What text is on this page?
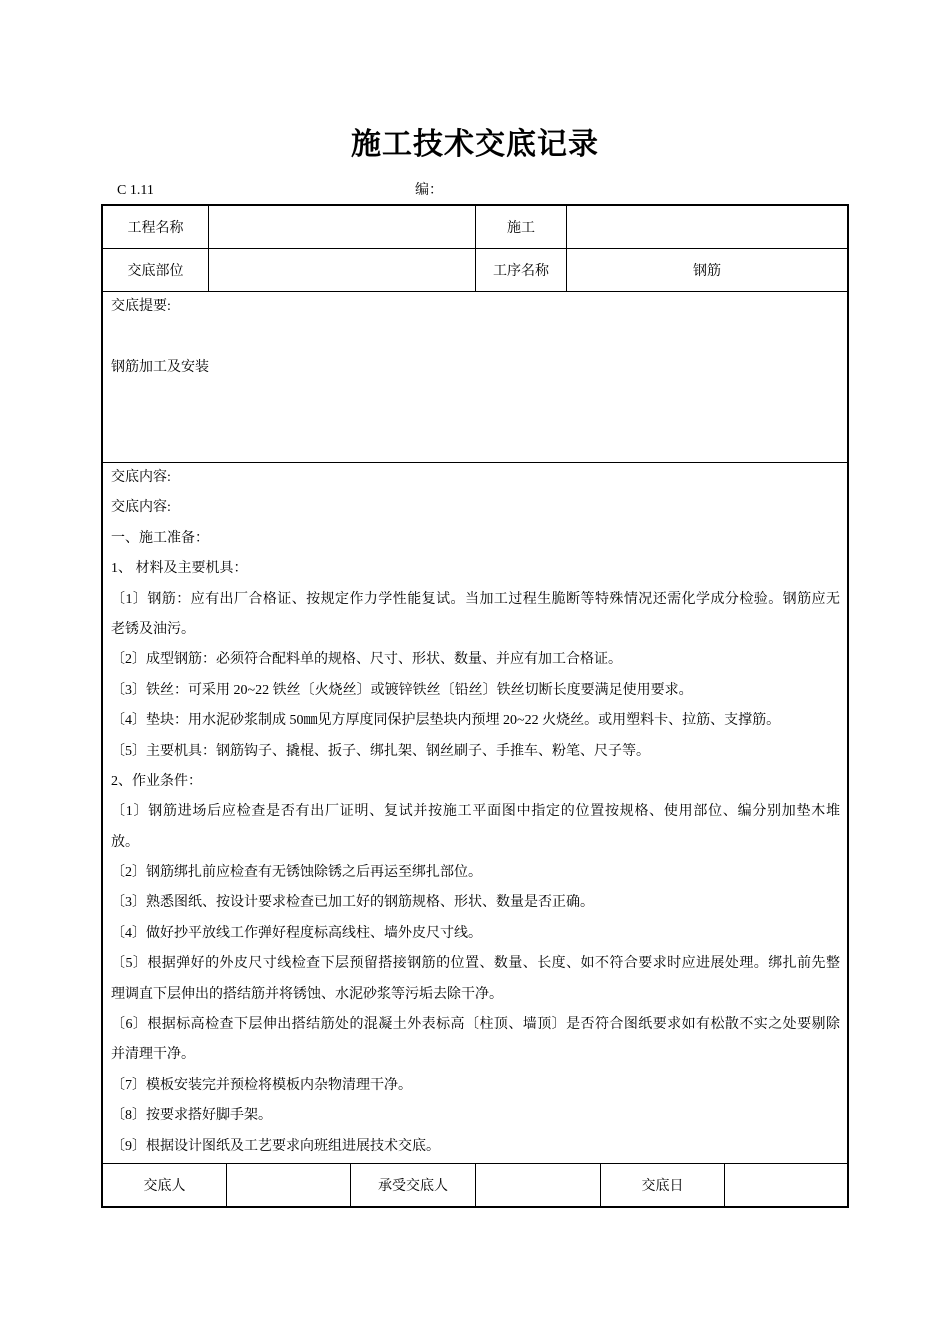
施工技术交底记录
C 1.11	编：
工程名称	施工
交底部位	工序名称	钢筋
交底提要:
钢筋加工及安装
交底内容:
交底内容:
一、施工准备：
1、 材料及主要机具：
〔1〕钢筋：应有出厂合格证、按规定作力学性能复试。当加工过程生脆断等特殊情况还需化学成分检验。钢筋应无
老锈及油污。
〔2〕成型钢筋：必须符合配料单的规格、尺寸、形状、数量、并应有加工合格证。
〔3〕铁丝：可采用 20~22 铁丝〔火烧丝〕或镀锌铁丝〔铅丝〕铁丝切断长度要满足使用要求。
〔4〕垫块：用水泥砂浆制成 50㎜见方厚度同保护层垫块内预埋 20~22 火烧丝。或用塑料卡、拉筋、支撑筋。
〔5〕主要机具：钢筋钩子、撬棍、扳子、绑扎架、钢丝刷子、手推车、粉笔、尺子等。
2、作业条件：
〔1〕钢筋进场后应检查是否有出厂证明、复试并按施工平面图中指定的位置按规格、使用部位、编分别加垫木堆
放。
〔2〕钢筋绑扎前应检查有无锈蚀除锈之后再运至绑扎部位。
〔3〕熟悉图纸、按设计要求检查已加工好的钢筋规格、形状、数量是否正确。
〔4〕做好抄平放线工作弹好程度标高线柱、墙外皮尺寸线。
〔5〕根据弹好的外皮尺寸线检查下层预留搭接钢筋的位置、数量、长度、如不符合要求时应进展处理。绑扎前先整
理调直下层伸出的搭结筋并将锈蚀、水泥砂浆等污垢去除干净。
〔6〕根据标高检查下层伸出搭结筋处的混凝土外表标高〔柱顶、墙顶〕是否符合图纸要求如有松散不实之处要剔除
并清理干净。
〔7〕模板安装完并预检将模板内杂物清理干净。
〔8〕按要求搭好脚手架。
〔9〕根据设计图纸及工艺要求向班组进展技术交底。
交底人	承受交底人	交底日
